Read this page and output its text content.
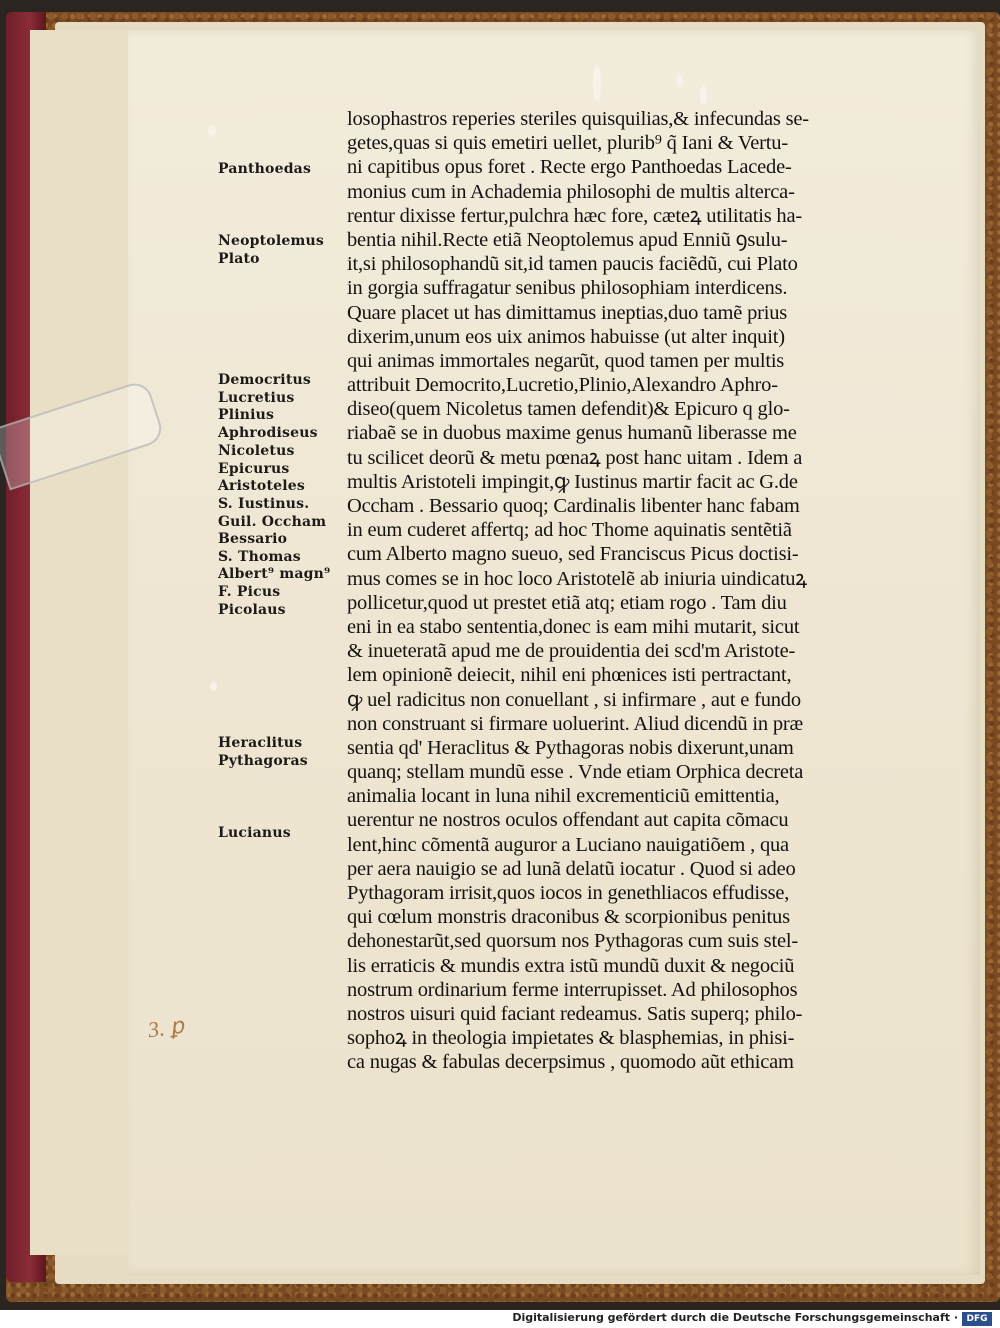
Panthoedas
Neoptolemus
Plato
Democritus
Lucretius
Plinius
Aphrodiseus
Nicoletus
Epicurus
Aristoteles
S. Iustinus.
Guil. Occham
Bessario
S. Thomas
Albert⁹ magn⁹
F. Picus
Picolaus
Heraclitus
Pythagoras
Lucianus
losophastros reperies steriles quisquilias,& infecundas se-
getes,quas si quis emetiri uellet, plurib⁹ q̃ Iani & Vertu-
ni capitibus opus foret . Recte ergo Panthoedas Lacede-
monius cum in Achademia philosophi de multis alterca-
rentur dixisse fertur,pulchra hæc fore, cæteꝝ utilitatis ha-
bentia nihil.Recte etiã Neoptolemus apud Enniũ ꝯsulu-
it,si philosophandũ sit,id tamen paucis faciẽdũ, cui Plato
in gorgia suffragatur senibus philosophiam interdicens.
Quare placet ut has dimittamus ineptias,duo tamẽ prius
dixerim,unum eos uix animos habuisse (ut alter inquit)
qui animas immortales negarũt, quod tamen per multis
attribuit Democrito,Lucretio,Plinio,Alexandro Aphro-
diseo(quem Nicoletus tamen defendit)& Epicuro q glo-
riabaẽ se in duobus maxime genus humanũ liberasse me
tu scilicet deorũ & metu pœnaꝝ post hanc uitam . Idem a
multis Aristoteli impingit,ꝙ Iustinus martir facit ac G.de
Occham . Bessario quoq; Cardinalis libenter hanc fabam
in eum cuderet affertq; ad hoc Thome aquinatis sentẽtiã
cum Alberto magno sueuo, sed Franciscus Picus doctisi-
mus comes se in hoc loco Aristotelẽ ab iniuria uindicatuꝝ
pollicetur,quod ut prestet etiã atq; etiam rogo . Tam diu
eni in ea stabo sententia,donec is eam mihi mutarit, sicut
& inueteratã apud me de prouidentia dei scd'm Aristote-
lem opinionẽ deiecit, nihil eni phœnices isti pertractant,
ꝙ uel radicitus non conuellant , si infirmare , aut e fundo
non construant si firmare uoluerint. Aliud dicendũ in præ
sentia qd' Heraclitus & Pythagoras nobis dixerunt,unam
quanq; stellam mundũ esse . Vnde etiam Orphica decreta
animalia locant in luna nihil excrementiciũ emittentia,
uerentur ne nostros oculos offendant aut capita cõmacu
lent,hinc cõmentã auguror a Luciano nauigatiõem , qua
per aera nauigio se ad lunã delatũ iocatur . Quod si adeo
Pythagoram irrisit,quos iocos in genethliacos effudisse,
qui cœlum monstris draconibus & scorpionibus penitus
dehonestarũt,sed quorsum nos Pythagoras cum suis stel-
lis erraticis & mundis extra istũ mundũ duxit & negociũ
nostrum ordinarium ferme interrupisset. Ad philosophos
nostros uisuri quid faciant redeamus. Satis superq; philo-
sophoꝝ in theologia impietates & blasphemias, in phisi-
ca nugas & fabulas decerpsimus , quomodo aũt ethicam
3. ꝑ
Digitalisierung gefördert durch die Deutsche Forschungsgemeinschaft · DFG
